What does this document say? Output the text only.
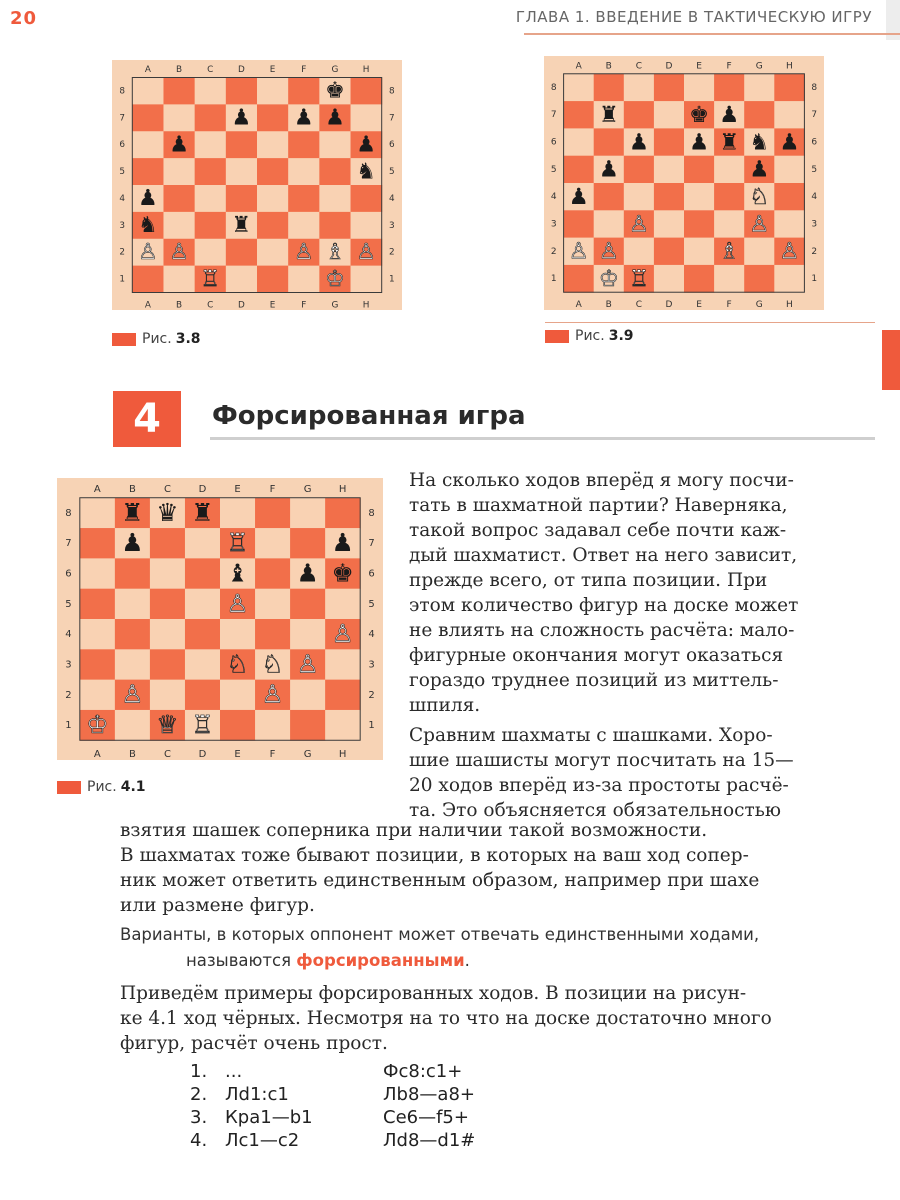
20	ГЛАВА 1. ВВЕДЕНИЕ В ТАКТИЧЕСКУЮ ИГРУ
A
A
B
B
C
C
D
D
E
E
F
F
G
G
H
H
8	8
7	7
6	6
5	5
4	4
3	3
2	2
1	1
♚
♟ ♟ ♟
♟	♟
♞
♟
♞	♜
♙ ♙	♙ ♗ ♙
♖	♔
Рис. 3.8
A
A
B
B
C
C
D
D
E
E
F
F
G
G
H
H
8	8
7	7
6	6
5	5
4	4
3	3
2	2
1	1
♜	♚ ♟
♟ ♟ ♜ ♞ ♟
♟	♟
♟	♘
♙	♙
♙ ♙	♗ ♙
♔ ♖
Рис. 3.9
4	Форсированная игра
A
A
B
B
C
C
D
D
E
E
F
F
G
G
H
H
8	8
7	7
6	6
5	5
4	4
3	3
2	2
1	1
♜ ♛ ♜
♟	♖	♟
♝ ♟ ♚
♙
♙
♘ ♘ ♙
♙	♙
♔ ♕ ♖
Рис. 4.1

На сколько ходов вперёд я могу посчи-

тать в шахматной партии? Наверняка,

такой вопрос задавал себе почти каж-

дый шахматист. Ответ на него зависит,

прежде всего, от типа позиции. При

этом количество фигур на доске может

не влиять на сложность расчёта: мало-

фигурные окончания могут оказаться

гораздо труднее позиций из миттель-

шпиля.

Сравним шахматы с шашками. Хоро-

шие шашисты могут посчитать на 15—

20 ходов вперёд из-за простоты расчё-

та. Это объясняется обязательностью

взятия шашек соперника при наличии такой возможности.

В шахматах тоже бывают позиции, в которых на ваш ход сопер-

ник может ответить единственным образом, например при шахе

или размене фигур.

Варианты, в которых оппонент может отвечать единственными ходами,
называются форсированными.

Приведём примеры форсированных ходов. В позиции на рисун-

ке 4.1 ход чёрных. Несмотря на то что на доске достаточно много

фигур, расчёт очень прост.

1. ...	Фc8:c1+
2. Лd1:c1	Лb8—a8+
3. Крa1—b1	Ce6—f5+
4. Лc1—c2	Лd8—d1#
